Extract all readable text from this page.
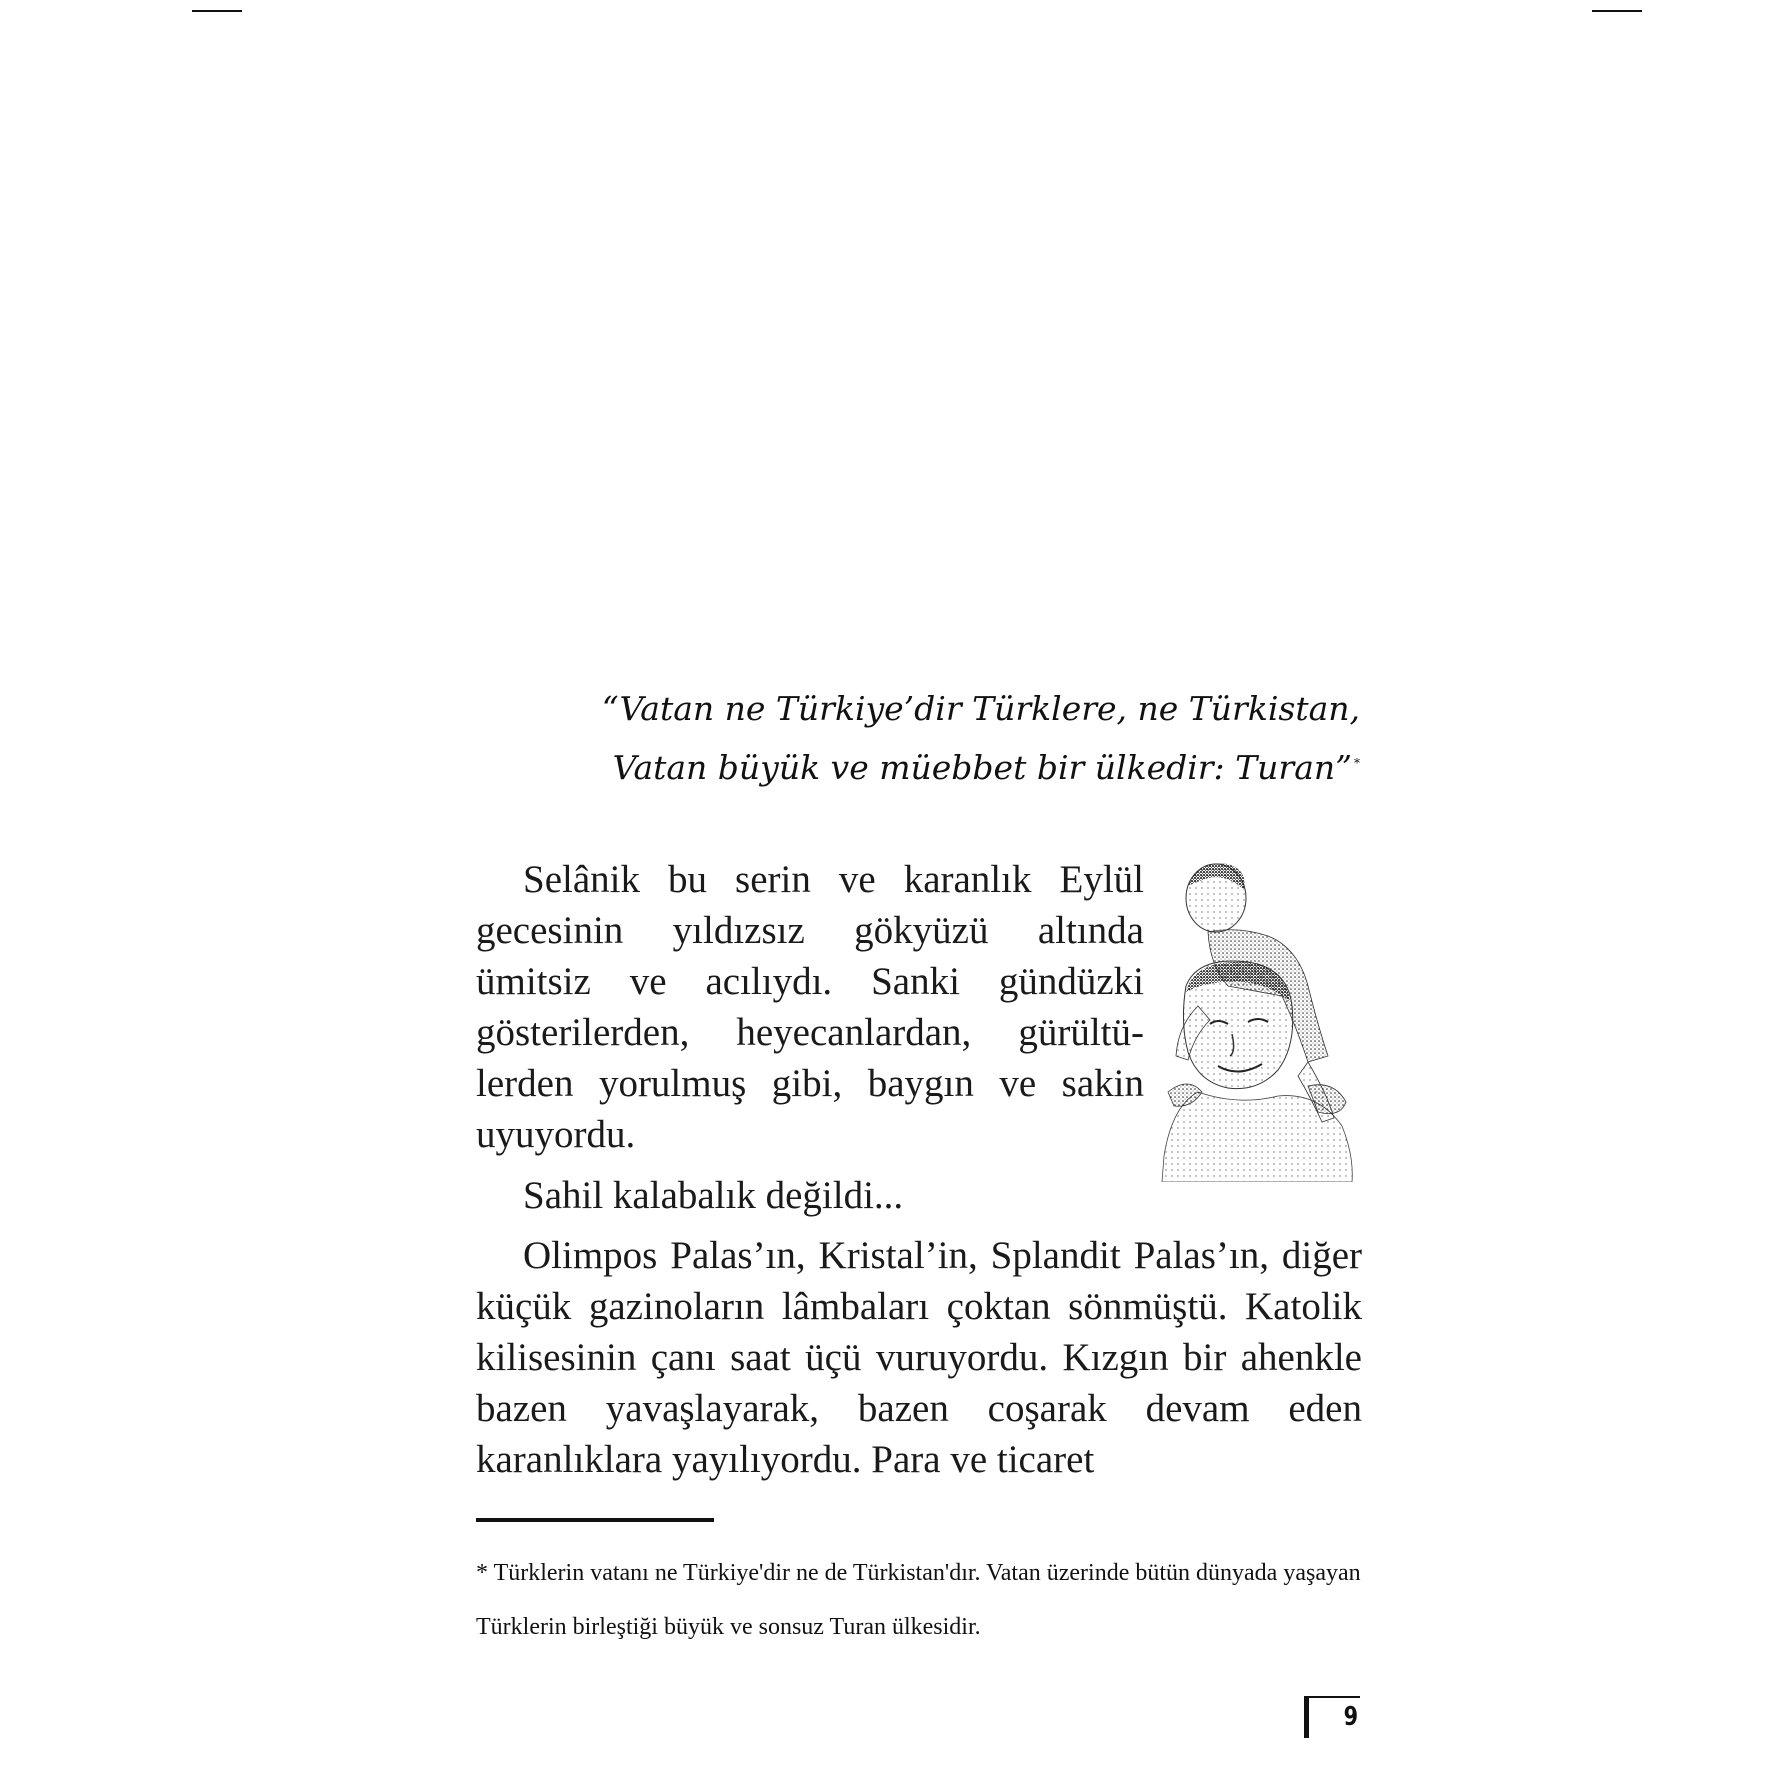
“Vatan ne Türkiye’dir Türklere, ne Türkistan,
Vatan büyük ve müebbet bir ülkedir: Turan” *

Selânik bu serin ve karanlık Eylül gecesinin yıldızsız gökyüzü altında ümitsiz ve acılıydı. Sanki gündüzki gösterilerden, heyecanlardan, gürültülerden yorulmuş gibi, baygın ve sakin uyuyordu.

Sahil kalabalık değildi...

Olimpos Palas’ın, Kristal’in, Splandit Palas’ın, diğer küçük gazinoların lâmbaları çoktan sönmüştü. Katolik kilisesinin çanı saat üçü vuruyordu. Kızgın bir ahenkle bazen yavaşlayarak, bazen coşarak devam eden karanlıklara yayılıyordu. Para ve ticaret

* Türklerin vatanı ne Türkiye'dir ne de Türkistan'dır. Vatan üzerinde bütün dünyada yaşayan Türklerin birleştiği büyük ve sonsuz Turan ülkesidir.

9
